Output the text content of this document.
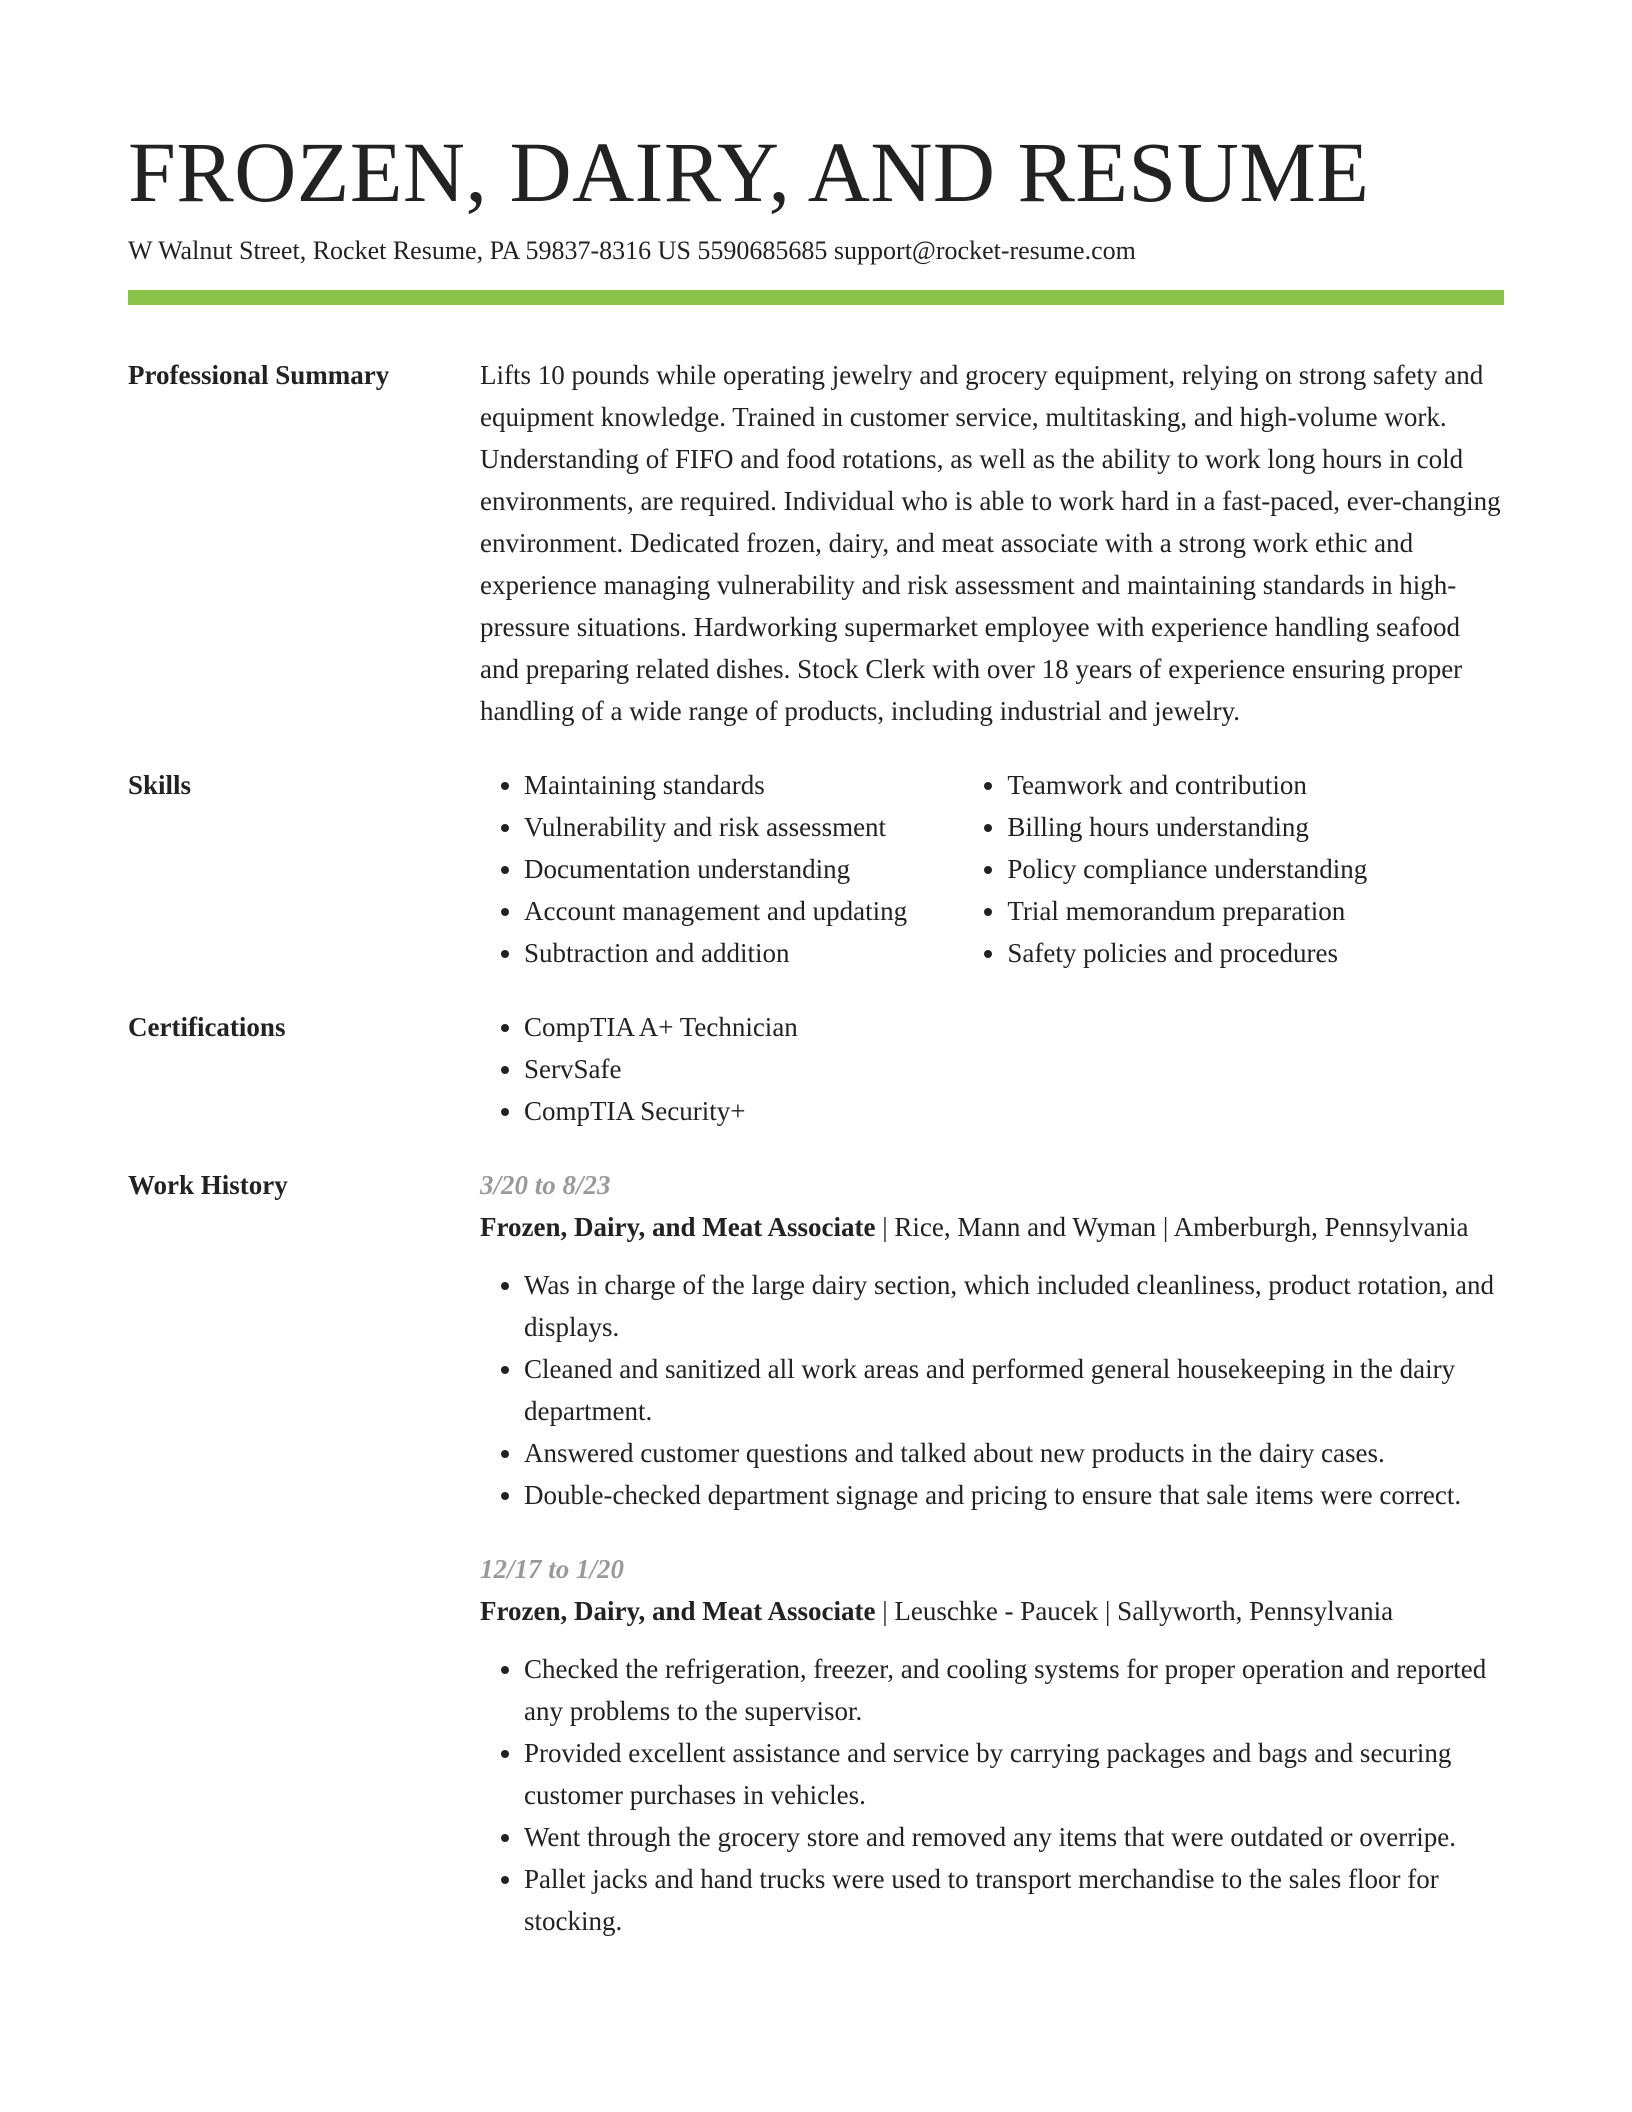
FROZEN, DAIRY, AND RESUME
W Walnut Street, Rocket Resume, PA 59837-8316 US 5590685685 support@rocket-resume.com
Professional Summary	Lifts 10 pounds while operating jewelry and grocery equipment, relying on strong safety and equipment knowledge. Trained in customer service, multitasking, and high-volume work. Understanding of FIFO and food rotations, as well as the ability to work long hours in cold environments, are required. Individual who is able to work hard in a fast-paced, ever-changing environment. Dedicated frozen, dairy, and meat associate with a strong work ethic and experience managing vulnerability and risk assessment and maintaining standards in high-pressure situations. Hardworking supermarket employee with experience handling seafood and preparing related dishes. Stock Clerk with over 18 years of experience ensuring proper handling of a wide range of products, including industrial and jewelry.

Skills	• Maintaining standards
• Vulnerability and risk assessment
• Documentation understanding
• Account management and updating
• Subtraction and addition
• Teamwork and contribution
• Billing hours understanding
• Policy compliance understanding
• Trial memorandum preparation
• Safety policies and procedures
Certifications	• CompTIA A+ Technician
• ServSafe
• CompTIA Security+
Work History	3/20 to 8/23
Frozen, Dairy, and Meat Associate | Rice, Mann and Wyman | Amberburgh, Pennsylvania
• Was in charge of the large dairy section, which included cleanliness, product rotation, and displays.
• Cleaned and sanitized all work areas and performed general housekeeping in the dairy department.
• Answered customer questions and talked about new products in the dairy cases.
• Double-checked department signage and pricing to ensure that sale items were correct.
12/17 to 1/20
Frozen, Dairy, and Meat Associate | Leuschke - Paucek | Sallyworth, Pennsylvania
• Checked the refrigeration, freezer, and cooling systems for proper operation and reported any problems to the supervisor.
• Provided excellent assistance and service by carrying packages and bags and securing customer purchases in vehicles.
• Went through the grocery store and removed any items that were outdated or overripe.
• Pallet jacks and hand trucks were used to transport merchandise to the sales floor for stocking.
